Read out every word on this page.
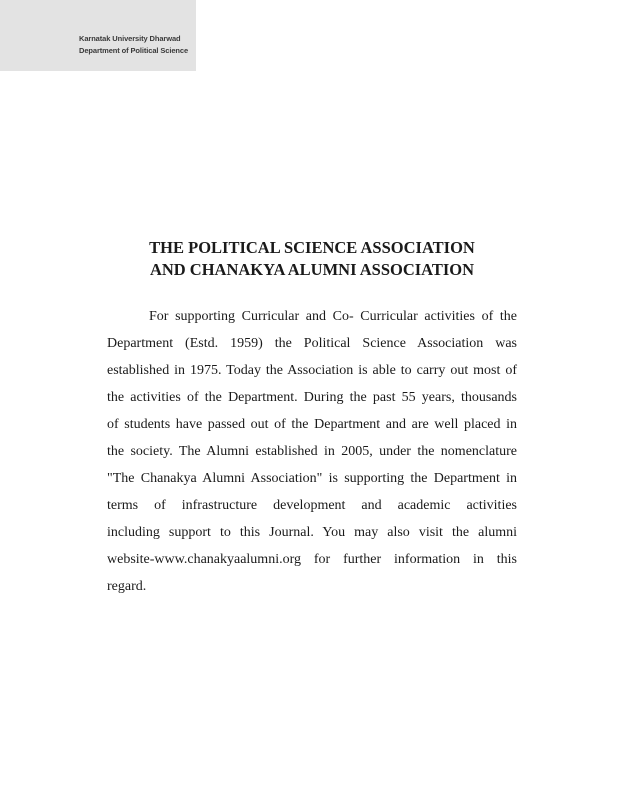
Karnatak University Dharwad
Department of Political Science
THE POLITICAL SCIENCE ASSOCIATION
AND CHANAKYA ALUMNI ASSOCIATION
For supporting Curricular and Co- Curricular activities of the
Department (Estd. 1959) the Political Science Association was
established in 1975. Today the Association is able to carry out most of
the activities of the Department. During the past 55 years, thousands
of students have passed out of the Department and are well placed in
the society. The Alumni established in 2005, under the nomenclature
"The Chanakya Alumni Association" is supporting the Department in
terms of infrastructure development and academic activities
including support to this Journal. You may also visit the alumni
website-www.chanakyaalumni.org for further information in this
regard.
